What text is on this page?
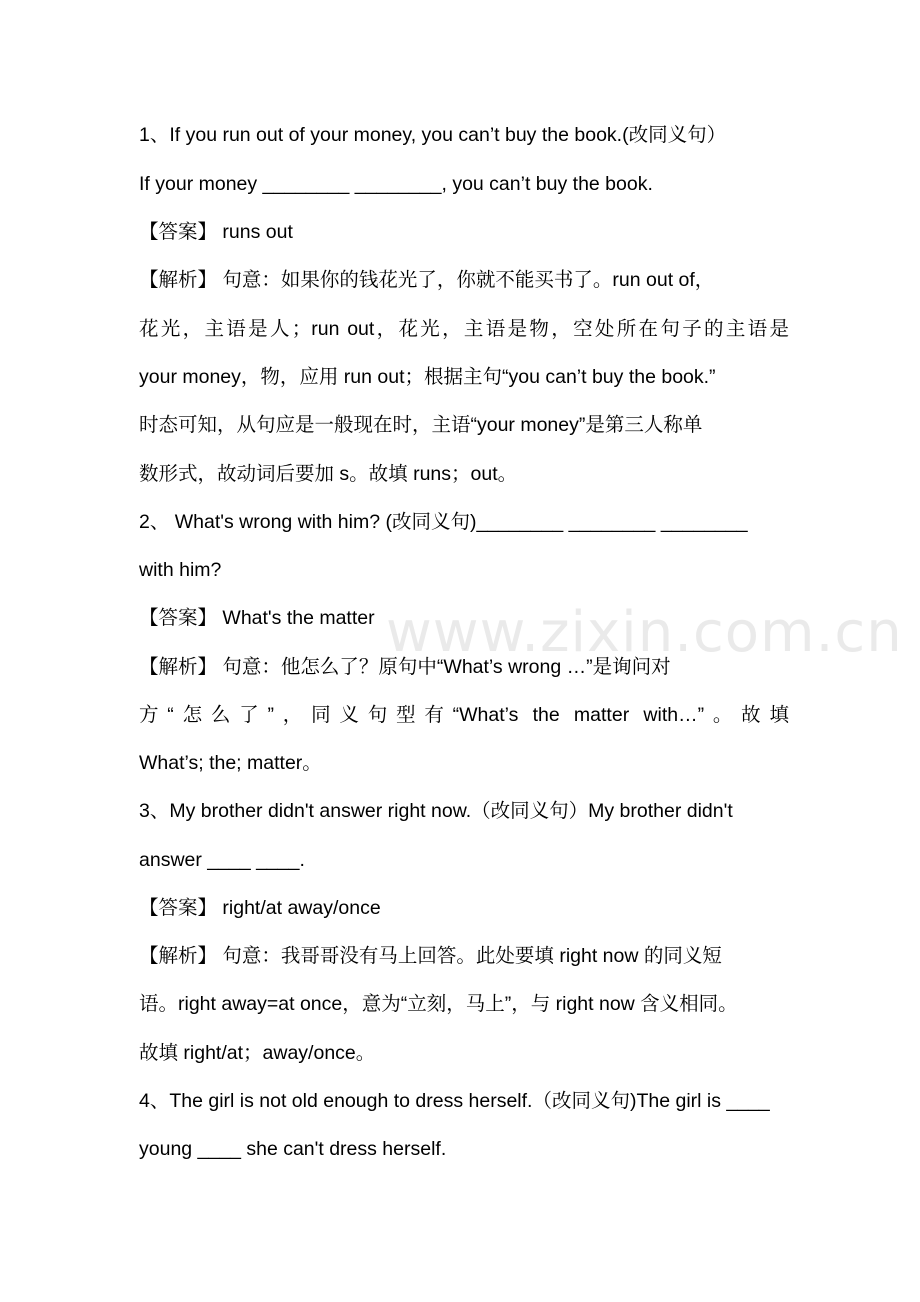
www.zixin.com.cn
1、If you run out of your money, you can’t buy the book.(改同义句）
If your money ________ ________, you can’t buy the book.
【答案】 runs out
【解析】 句意：如果你的钱花光了，你就不能买书了。run out of，
花光，主语是人；run out，花光，主语是物，空处所在句子的主语是
your money，物，应用 run out；根据主句“you can’t buy the book.”
时态可知，从句应是一般现在时，主语“your money”是第三人称单
数形式，故动词后要加 s。故填 runs；out。
2、 What's wrong with him? (改同义句)________ ________ ________
with him?
【答案】 What's the matter
【解析】 句意：他怎么了？原句中“What’s wrong …”是询问对
方“怎么了”，同义句型有“What’s the matter with…”。故填
What’s; the; matter。
3、My brother didn't answer right now.（改同义句）My brother didn't
answer ____ ____.
【答案】 right/at away/once
【解析】 句意：我哥哥没有马上回答。此处要填 right now 的同义短
语。right away=at once，意为“立刻，马上”，与 right now 含义相同。
故填 right/at；away/once。
4、The girl is not old enough to dress herself.（改同义句)The girl is ____
young ____ she can't dress herself.
